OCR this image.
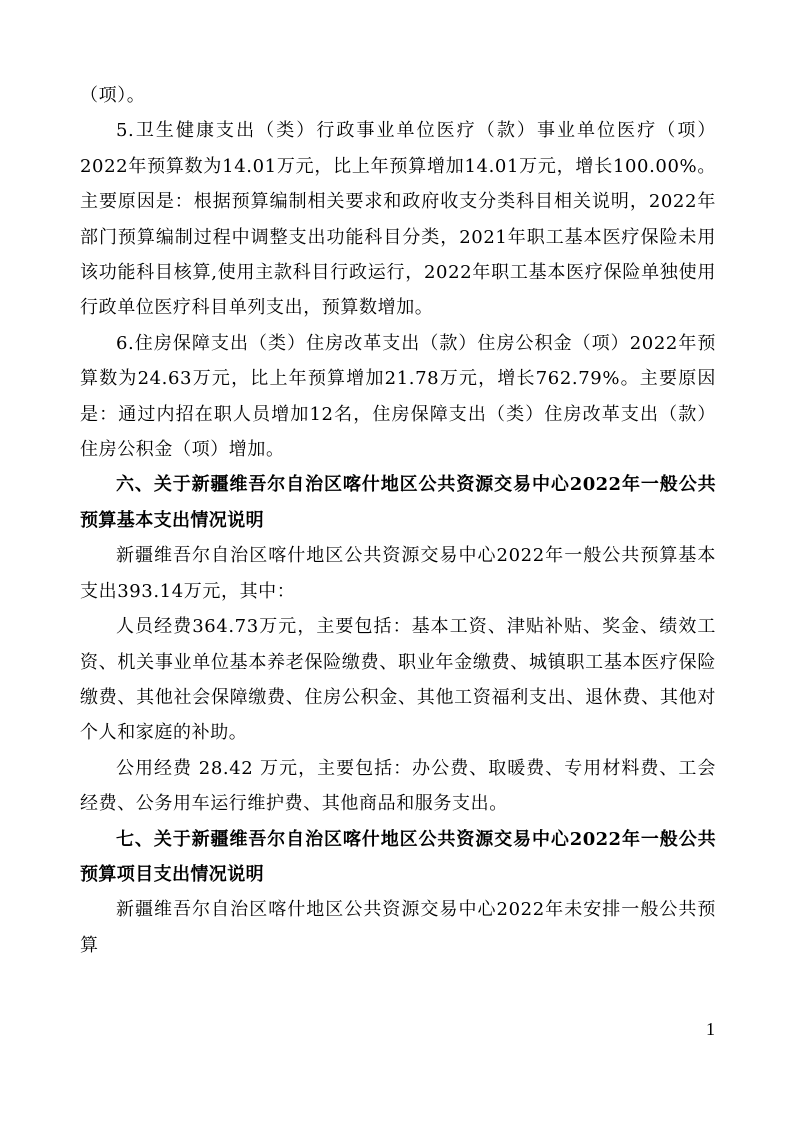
（项）。

5.卫生健康支出（类）行政事业单位医疗（款）事业单位医疗（项）2022年预算数为14.01万元，比上年预算增加14.01万元，增长100.00%。主要原因是：根据预算编制相关要求和政府收支分类科目相关说明，2022年部门预算编制过程中调整支出功能科目分类，2021年职工基本医疗保险未用该功能科目核算,使用主款科目行政运行，2022年职工基本医疗保险单独使用行政单位医疗科目单列支出，预算数增加。

6.住房保障支出（类）住房改革支出（款）住房公积金（项）2022年预算数为24.63万元，比上年预算增加21.78万元，增长762.79%。主要原因是：通过内招在职人员增加12名，住房保障支出（类）住房改革支出（款）住房公积金（项）增加。

六、关于新疆维吾尔自治区喀什地区公共资源交易中心2022年一般公共预算基本支出情况说明

新疆维吾尔自治区喀什地区公共资源交易中心2022年一般公共预算基本支出393.14万元，其中：

人员经费364.73万元，主要包括：基本工资、津贴补贴、奖金、绩效工资、机关事业单位基本养老保险缴费、职业年金缴费、城镇职工基本医疗保险缴费、其他社会保障缴费、住房公积金、其他工资福利支出、退休费、其他对个人和家庭的补助。

公用经费 28.42 万元，主要包括：办公费、取暖费、专用材料费、工会经费、公务用车运行维护费、其他商品和服务支出。

七、关于新疆维吾尔自治区喀什地区公共资源交易中心2022年一般公共预算项目支出情况说明

新疆维吾尔自治区喀什地区公共资源交易中心2022年未安排一般公共预算

1
